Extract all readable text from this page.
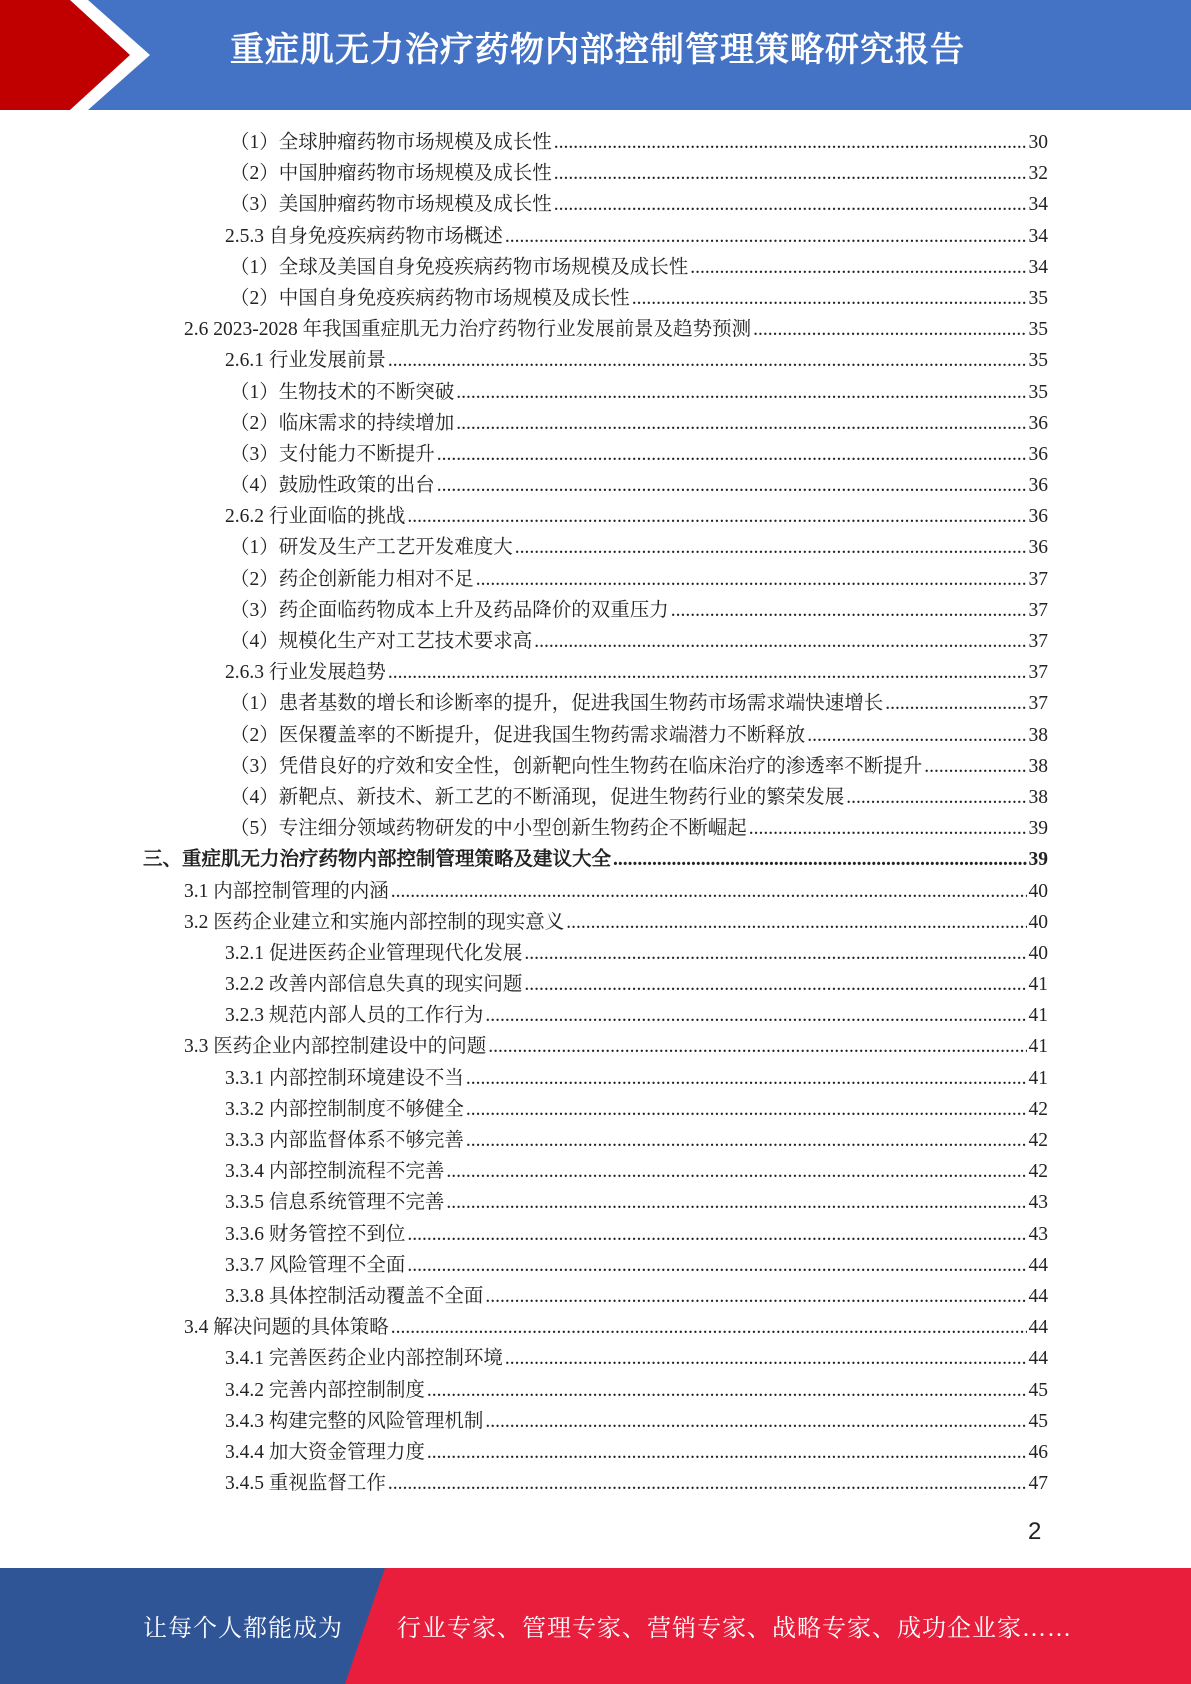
重症肌无力治疗药物内部控制管理策略研究报告
（1）全球肿瘤药物市场规模及成长性 .....	30
（2）中国肿瘤药物市场规模及成长性 .....	32
（3）美国肿瘤药物市场规模及成长性 .....	34
2.5.3 自身免疫疾病药物市场概述 .....	34
（1）全球及美国自身免疫疾病药物市场规模及成长性 .....	34
（2）中国自身免疫疾病药物市场规模及成长性 .....	35
2.6 2023-2028 年我国重症肌无力治疗药物行业发展前景及趋势预测 .....	35
2.6.1 行业发展前景 .....	35
（1）生物技术的不断突破 .....	35
（2）临床需求的持续增加 .....	36
（3）支付能力不断提升 .....	36
（4）鼓励性政策的出台 .....	36
2.6.2 行业面临的挑战 .....	36
（1）研发及生产工艺开发难度大 .....	36
（2）药企创新能力相对不足 .....	37
（3）药企面临药物成本上升及药品降价的双重压力 .....	37
（4）规模化生产对工艺技术要求高 .....	37
2.6.3 行业发展趋势 .....	37
（1）患者基数的增长和诊断率的提升，促进我国生物药市场需求端快速增长 .....	37
（2）医保覆盖率的不断提升，促进我国生物药需求端潜力不断释放 .....	38
（3）凭借良好的疗效和安全性，创新靶向性生物药在临床治疗的渗透率不断提升 .....	38
（4）新靶点、新技术、新工艺的不断涌现，促进生物药行业的繁荣发展 .....	38
（5）专注细分领域药物研发的中小型创新生物药企不断崛起 .....	39
三、重症肌无力治疗药物内部控制管理策略及建议大全 .....	39
3.1 内部控制管理的内涵 .....	40
3.2 医药企业建立和实施内部控制的现实意义 .....	40
3.2.1 促进医药企业管理现代化发展 .....	40
3.2.2 改善内部信息失真的现实问题 .....	41
3.2.3 规范内部人员的工作行为 .....	41
3.3 医药企业内部控制建设中的问题 .....	41
3.3.1 内部控制环境建设不当 .....	41
3.3.2 内部控制制度不够健全 .....	42
3.3.3 内部监督体系不够完善 .....	42
3.3.4 内部控制流程不完善 .....	42
3.3.5 信息系统管理不完善 .....	43
3.3.6 财务管控不到位 .....	43
3.3.7 风险管理不全面 .....	44
3.3.8 具体控制活动覆盖不全面 .....	44
3.4 解决问题的具体策略 .....	44
3.4.1 完善医药企业内部控制环境 .....	44
3.4.2 完善内部控制制度 .....	45
3.4.3 构建完整的风险管理机制 .....	45
3.4.4 加大资金管理力度 .....	46
3.4.5 重视监督工作 .....	47
2
让每个人都能成为 行业专家、管理专家、营销专家、战略专家、成功企业家……
